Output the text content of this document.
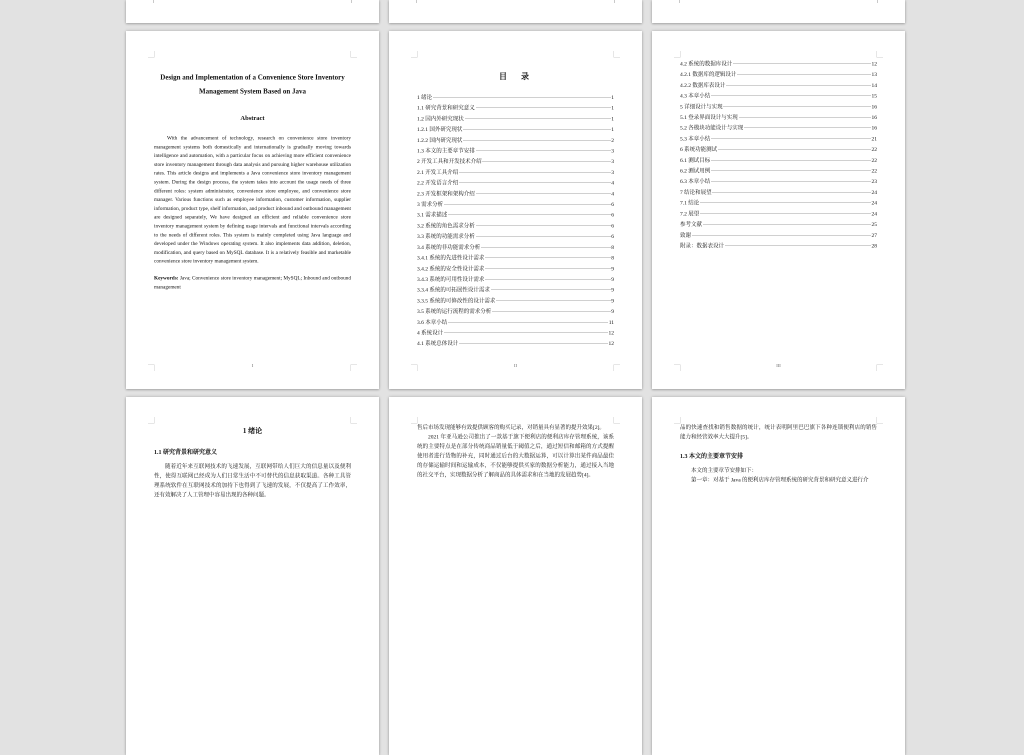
Design and Implementation of a Convenience Store Inventory
Management System Based on Java
Abstract

With the advancement of technology, research on convenience store inventory management systems both domestically and internationally is gradually moving towards intelligence and automation, with a particular focus on achieving more efficient convenience store inventory management through data analysis and pursuing higher warehouse utilization rates. This article designs and implements a Java convenience store inventory management system. During the design process, the system takes into account the usage needs of three different roles: system administrator, convenience store employee, and convenience store manager. Various functions such as employee information, customer information, supplier information, product type, shelf information, and product inbound and outbound management are designed separately, We have designed an efficient and reliable convenience store inventory management system by defining usage intervals and functional intervals according to the needs of different roles. This system is mainly completed using Java language and developed under the Windows operating system. It also implements data addition, deletion, modification, and query based on MySQL database. It is a relatively feasible and marketable convenience store inventory management system.

Keywords: Java; Convenience store inventory management; MySQL; Inbound and outbound management

I
目　录
1 绪论	1
1.1 研究背景和研究意义	1
1.2 国内外研究现状	1
1.2.1 国外研究现状	1
1.2.2 国内研究现状	2
1.3 本文的主要章节安排	3
2 开发工具和开发技术介绍	3
2.1 开发工具介绍	3
2.2 开发语言介绍	4
2.3 开发框架和架构介绍	4
3 需求分析	6
3.1 需求描述	6
3.2 系统的角色需求分析	6
3.3 系统的功能需求分析	6
3.4 系统的非功能需求分析	8
3.4.1 系统的先进性设计需求	8
3.4.2 系统的安全性设计需求	9
3.4.3 系统的可用性设计需求	9
3.3.4 系统的可拓展性设计需求	9
3.3.5 系统的可修改性的设计需求	9
3.5 系统的运行流程的需求分析	9
3.6 本章小结	11
4 系统设计	12
4.1 系统总体设计	12
II
4.2 系统的数据库设计	12
4.2.1 数据库的逻辑设计	13
4.2.2 数据库表设计	14
4.3 本章小结	15
5 详细设计与实现	16
5.1 登录界面设计与实现	16
5.2 各模块功能设计与实现	16
5.3 本章小结	21
6 系统功能测试	22
6.1 测试目标	22
6.2 测试用例	22
6.3 本章小结	23
7 结论和展望	24
7.1 结论	24
7.2 展望	24
参考文献	25
致谢	27
附录：数据表设计	28
III
1 绪论
1.1 研究背景和研究意义

随着近年来互联网技术的飞速发展，互联网带给人们巨大的信息量以及便利性，使得互联网已经成为人们日常生活中不可替代的信息获取渠道。各种工具管理系统软件在互联网技术的加持下也得到了飞速的发展，不仅提高了工作效率，还有效解决了人工管理中容易出现的各种问题。

售后市场发现能够有效提供顾客的购买记录，对销量具有显著的提升效果[2]。

2021 年亚马逊公司推出了一款基于旗下便利店的便利店库存管理系统，该系统的主要特点是在部分传统商品销量低于阈值之后，通过短信和邮箱的方式提醒使用者进行货物的补充，同时通过后台的大数据运算，可以计算出某件商品最佳的存储运输时间和运输成本，不仅能够提供买家的数据分析能力，通过接入当地的社交平台，实现数据分析了解商品的具体需求和在当地的发展趋势[4]。

品的快速查找和销售数据的统计，统计表明阿里巴巴旗下各种连锁便利店的销售能力和经营效率大大提升[5]。

1.3 本文的主要章节安排

本文的主要章节安排如下：

第一章：对基于 Java 的便利店库存管理系统的研究背景和研究意义进行介
